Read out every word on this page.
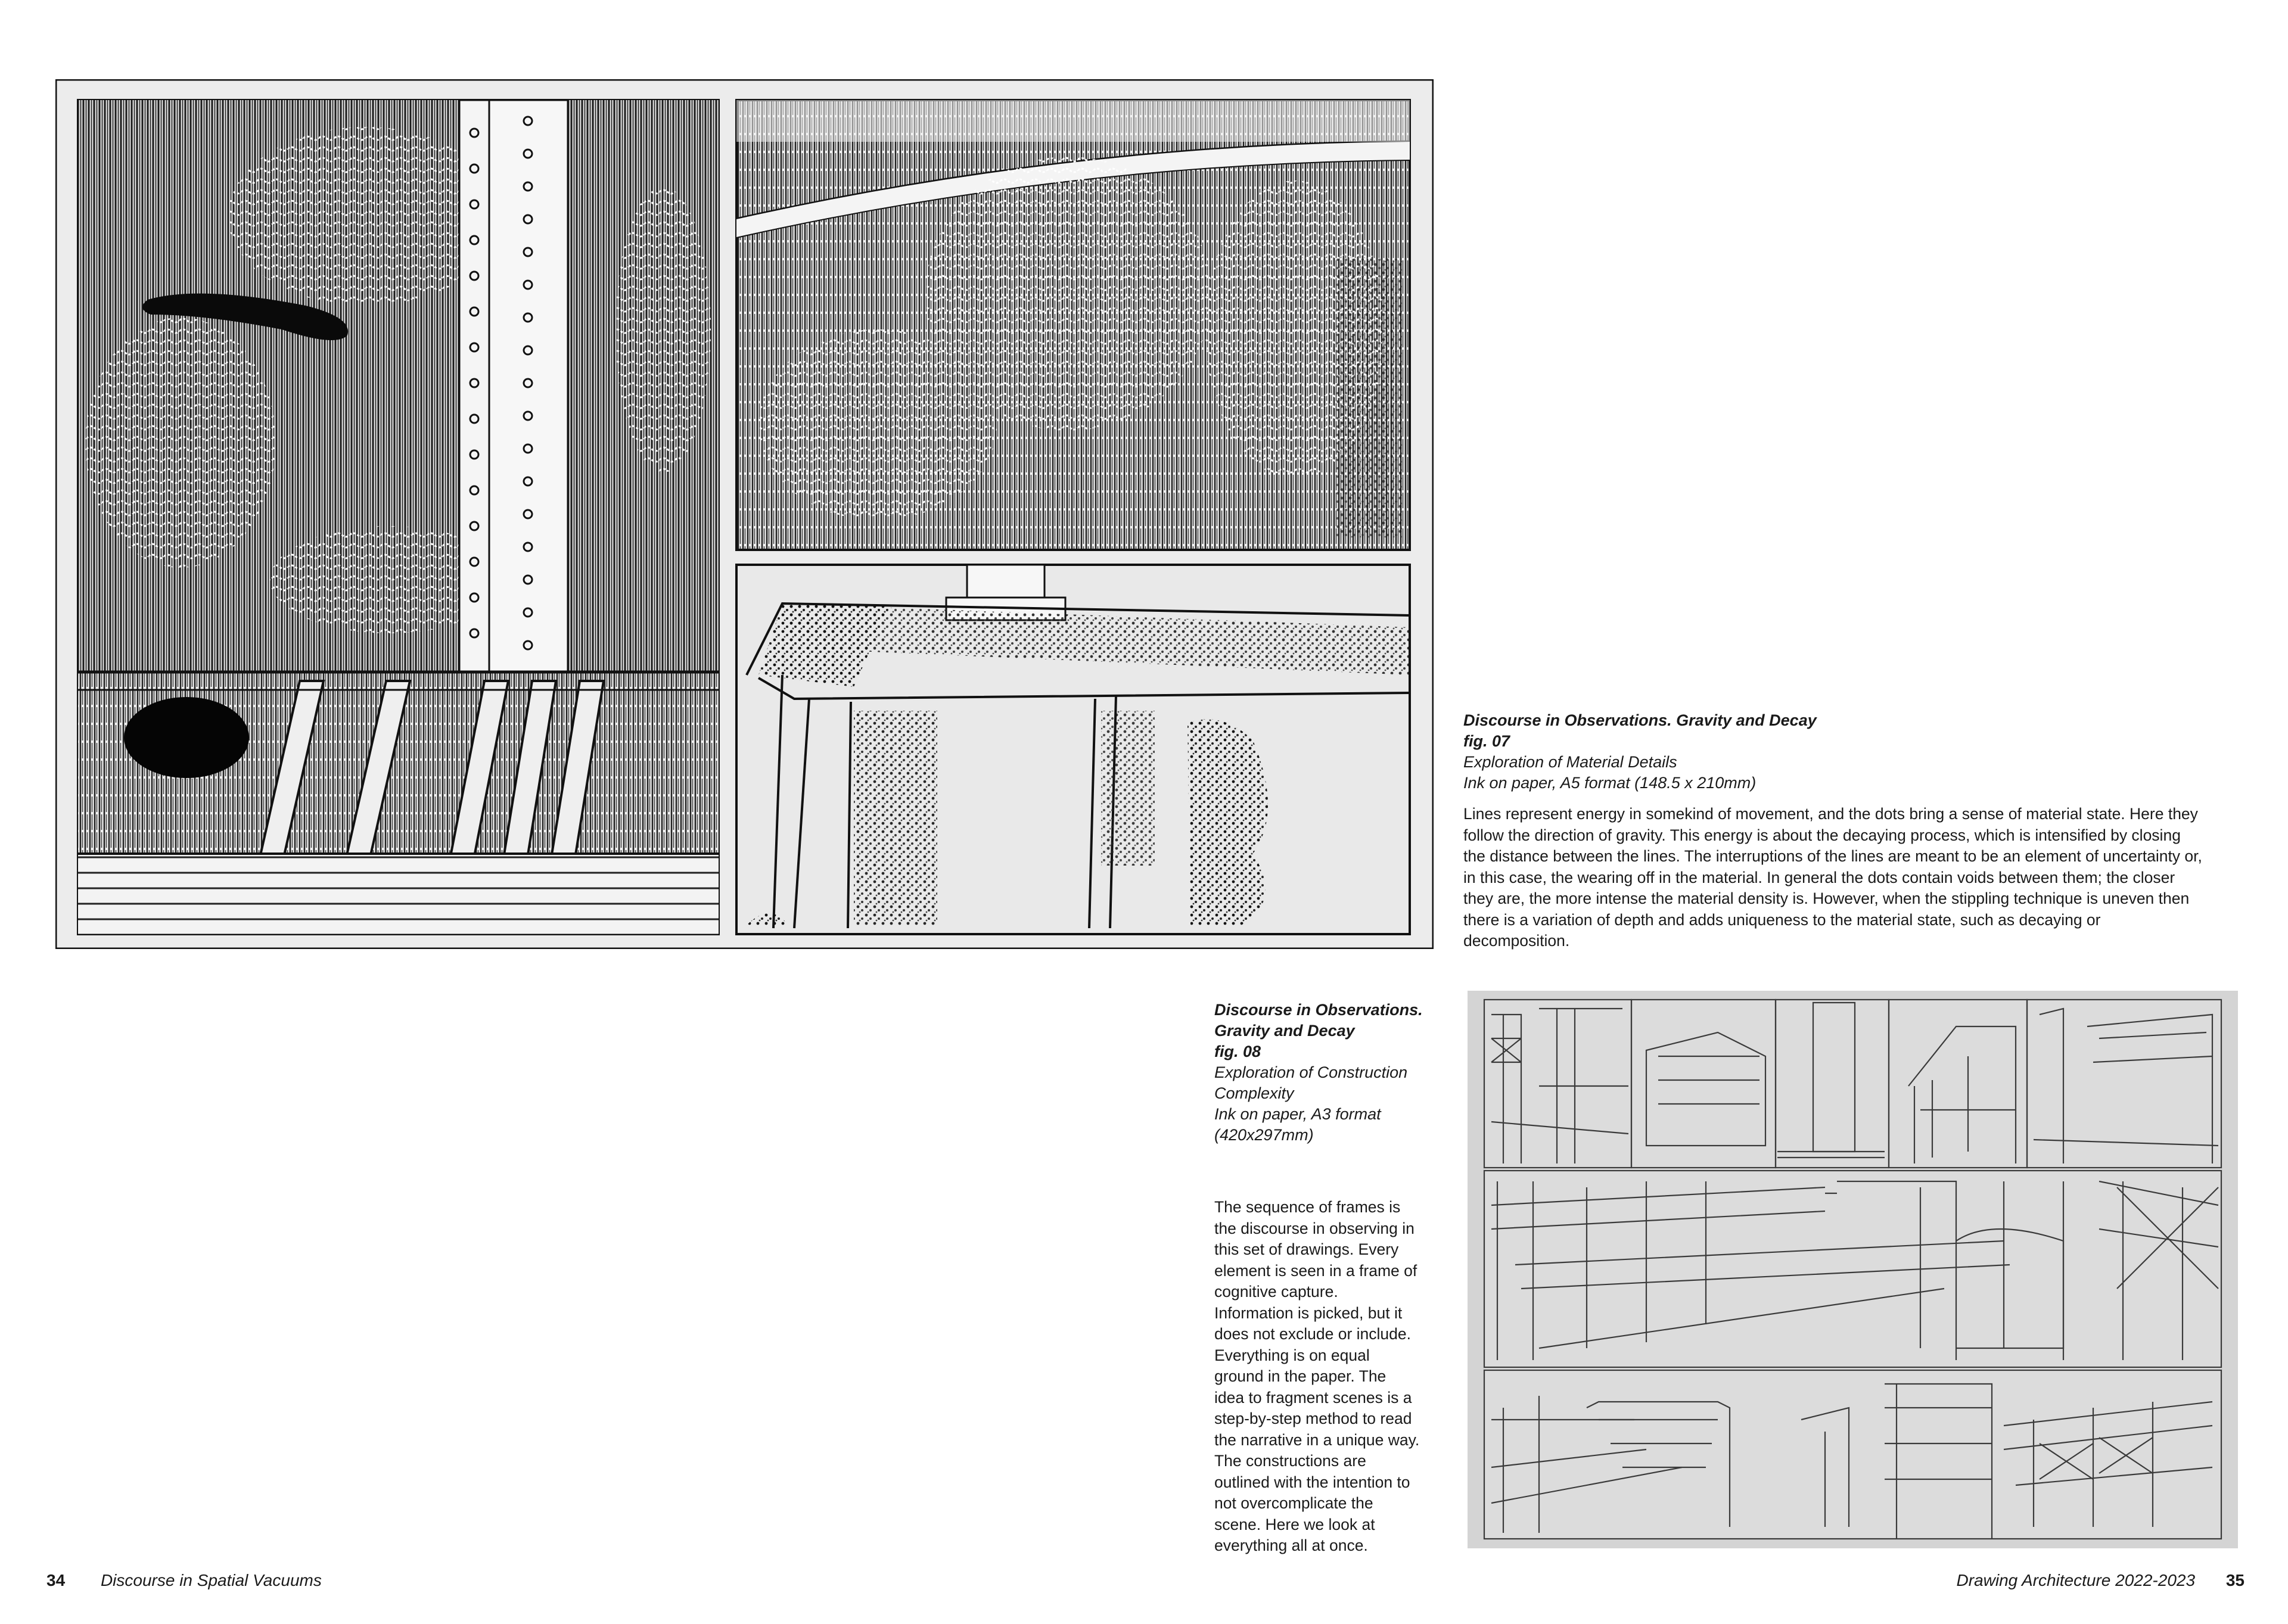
Discourse in Observations. Gravity and Decay
fig. 07
Exploration of Material Details
Ink on paper, A5 format (148.5 x 210mm)
Lines represent energy in somekind of movement, and the dots bring a sense of material state. Here they follow the direction of gravity. This energy is about the decaying process, which is intensified by closing the distance between the lines. The interruptions of the lines are meant to be an element of uncertainty or, in this case, the wearing off in the material. In general the dots contain voids between them; the closer they are, the more intense the material density is. However, when the stippling technique is uneven then there is a variation of depth and adds uniqueness to the material state, such as decaying or decomposition.
Discourse in Observations.
Gravity and Decay
fig. 08
Exploration of Construction
Complexity
Ink on paper, A3 format
(420x297mm)
The sequence of frames is the discourse in observing in this set of drawings. Every element is seen in a frame of cognitive capture. Information is picked, but it does not exclude or include. Everything is on equal ground in the paper. The idea to fragment scenes is a step-by-step method to read the narrative in a unique way. The constructions are outlined with the intention to not overcomplicate the scene. Here we look at everything all at once.
34 Discourse in Spatial Vacuums	Drawing Architecture 2022-2023 35
